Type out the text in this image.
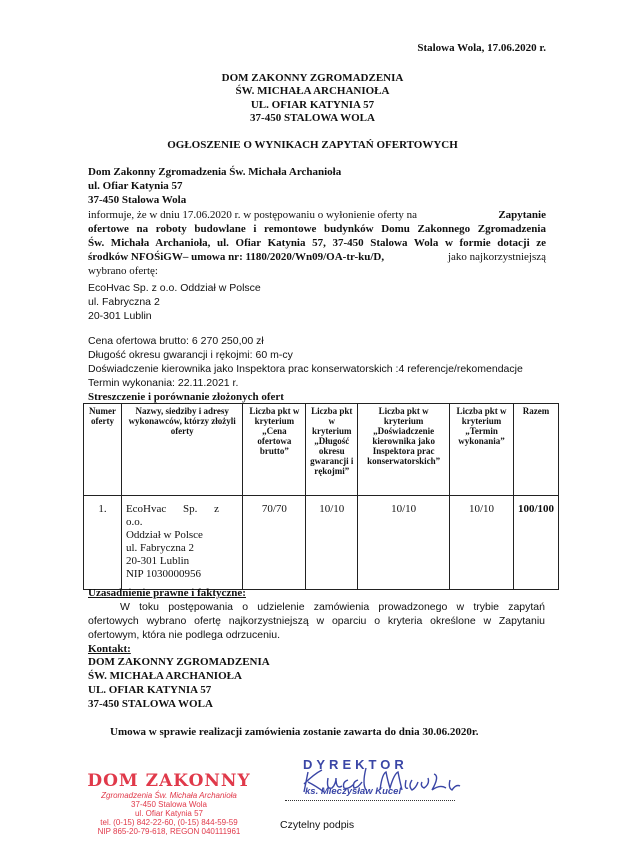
Stalowa Wola, 17.06.2020 r.
DOM ZAKONNY ZGROMADZENIA
ŚW. MICHAŁA ARCHANIOŁA
UL. OFIAR KATYNIA 57
37-450 STALOWA WOLA
OGŁOSZENIE O WYNIKACH ZAPYTAŃ OFERTOWYCH
Dom Zakonny Zgromadzenia Św. Michała Archanioła
ul. Ofiar Katynia 57
37-450 Stalowa Wola
informuje, że w dniu 17.06.2020 r. w postępowaniu o wyłonienie oferty na	Zapytanie
ofertowe na roboty budowlane i remontowe budynków Domu Zakonnego Zgromadzenia
Św. Michała Archanioła, ul. Ofiar Katynia 57, 37-450 Stalowa Wola w formie dotacji ze
środków NFOŚiGW– umowa nr: 1180/2020/Wn09/OA-tr-ku/D,	jako najkorzystniejszą
wybrano ofertę:
EcoHvac Sp. z o.o. Oddział w Polsce
ul. Fabryczna 2
20-301 Lublin
Cena ofertowa brutto: 6 270 250,00 zł
Długość okresu gwarancji i rękojmi: 60 m-cy
Doświadczenie kierownika jako Inspektora prac konserwatorskich :4 referencje/rekomendacje
Termin wykonania: 22.11.2021 r.
Streszczenie i porównanie złożonych ofert
Numer oferty	Nazwy, siedziby i adresy wykonawców, którzy złożyli oferty	Liczba pkt w kryterium „Cena ofertowa brutto”	Liczba pkt w kryterium „Długość okresu gwarancji i rękojmi”	Liczba pkt w kryterium „Doświadczenie kierownika jako Inspektora prac konserwatorskich”	Liczba pkt w kryterium „Termin wykonania”	Razem
1.	EcoHvac Sp. z o.o.
Oddział w Polsce
ul. Fabryczna 2
20-301 Lublin
NIP 1030000956	70/70	10/10	10/10	10/10	100/100
Uzasadnienie prawne i faktyczne:
W toku postępowania o udzielenie zamówienia prowadzonego w trybie zapytań
ofertowych wybrano ofertę najkorzystniejszą w oparciu o kryteria określone w Zapytaniu
ofertowym, która nie podlega odrzuceniu.
Kontakt:
DOM ZAKONNY ZGROMADZENIA
ŚW. MICHAŁA ARCHANIOŁA
UL. OFIAR KATYNIA 57
37-450 STALOWA WOLA
Umowa w sprawie realizacji zamówienia zostanie zawarta do dnia 30.06.2020r.
DOM ZAKONNY
Zgromadzenia Św. Michała Archanioła
37-450 Stalowa Wola
ul. Ofiar Katynia 57
tel. (0-15) 842-22-60, (0-15) 844-59-59
NIP 865-20-79-618, REGON 040111961
DYREKTOR
ks. Mieczysław Kucel
Czytelny podpis
